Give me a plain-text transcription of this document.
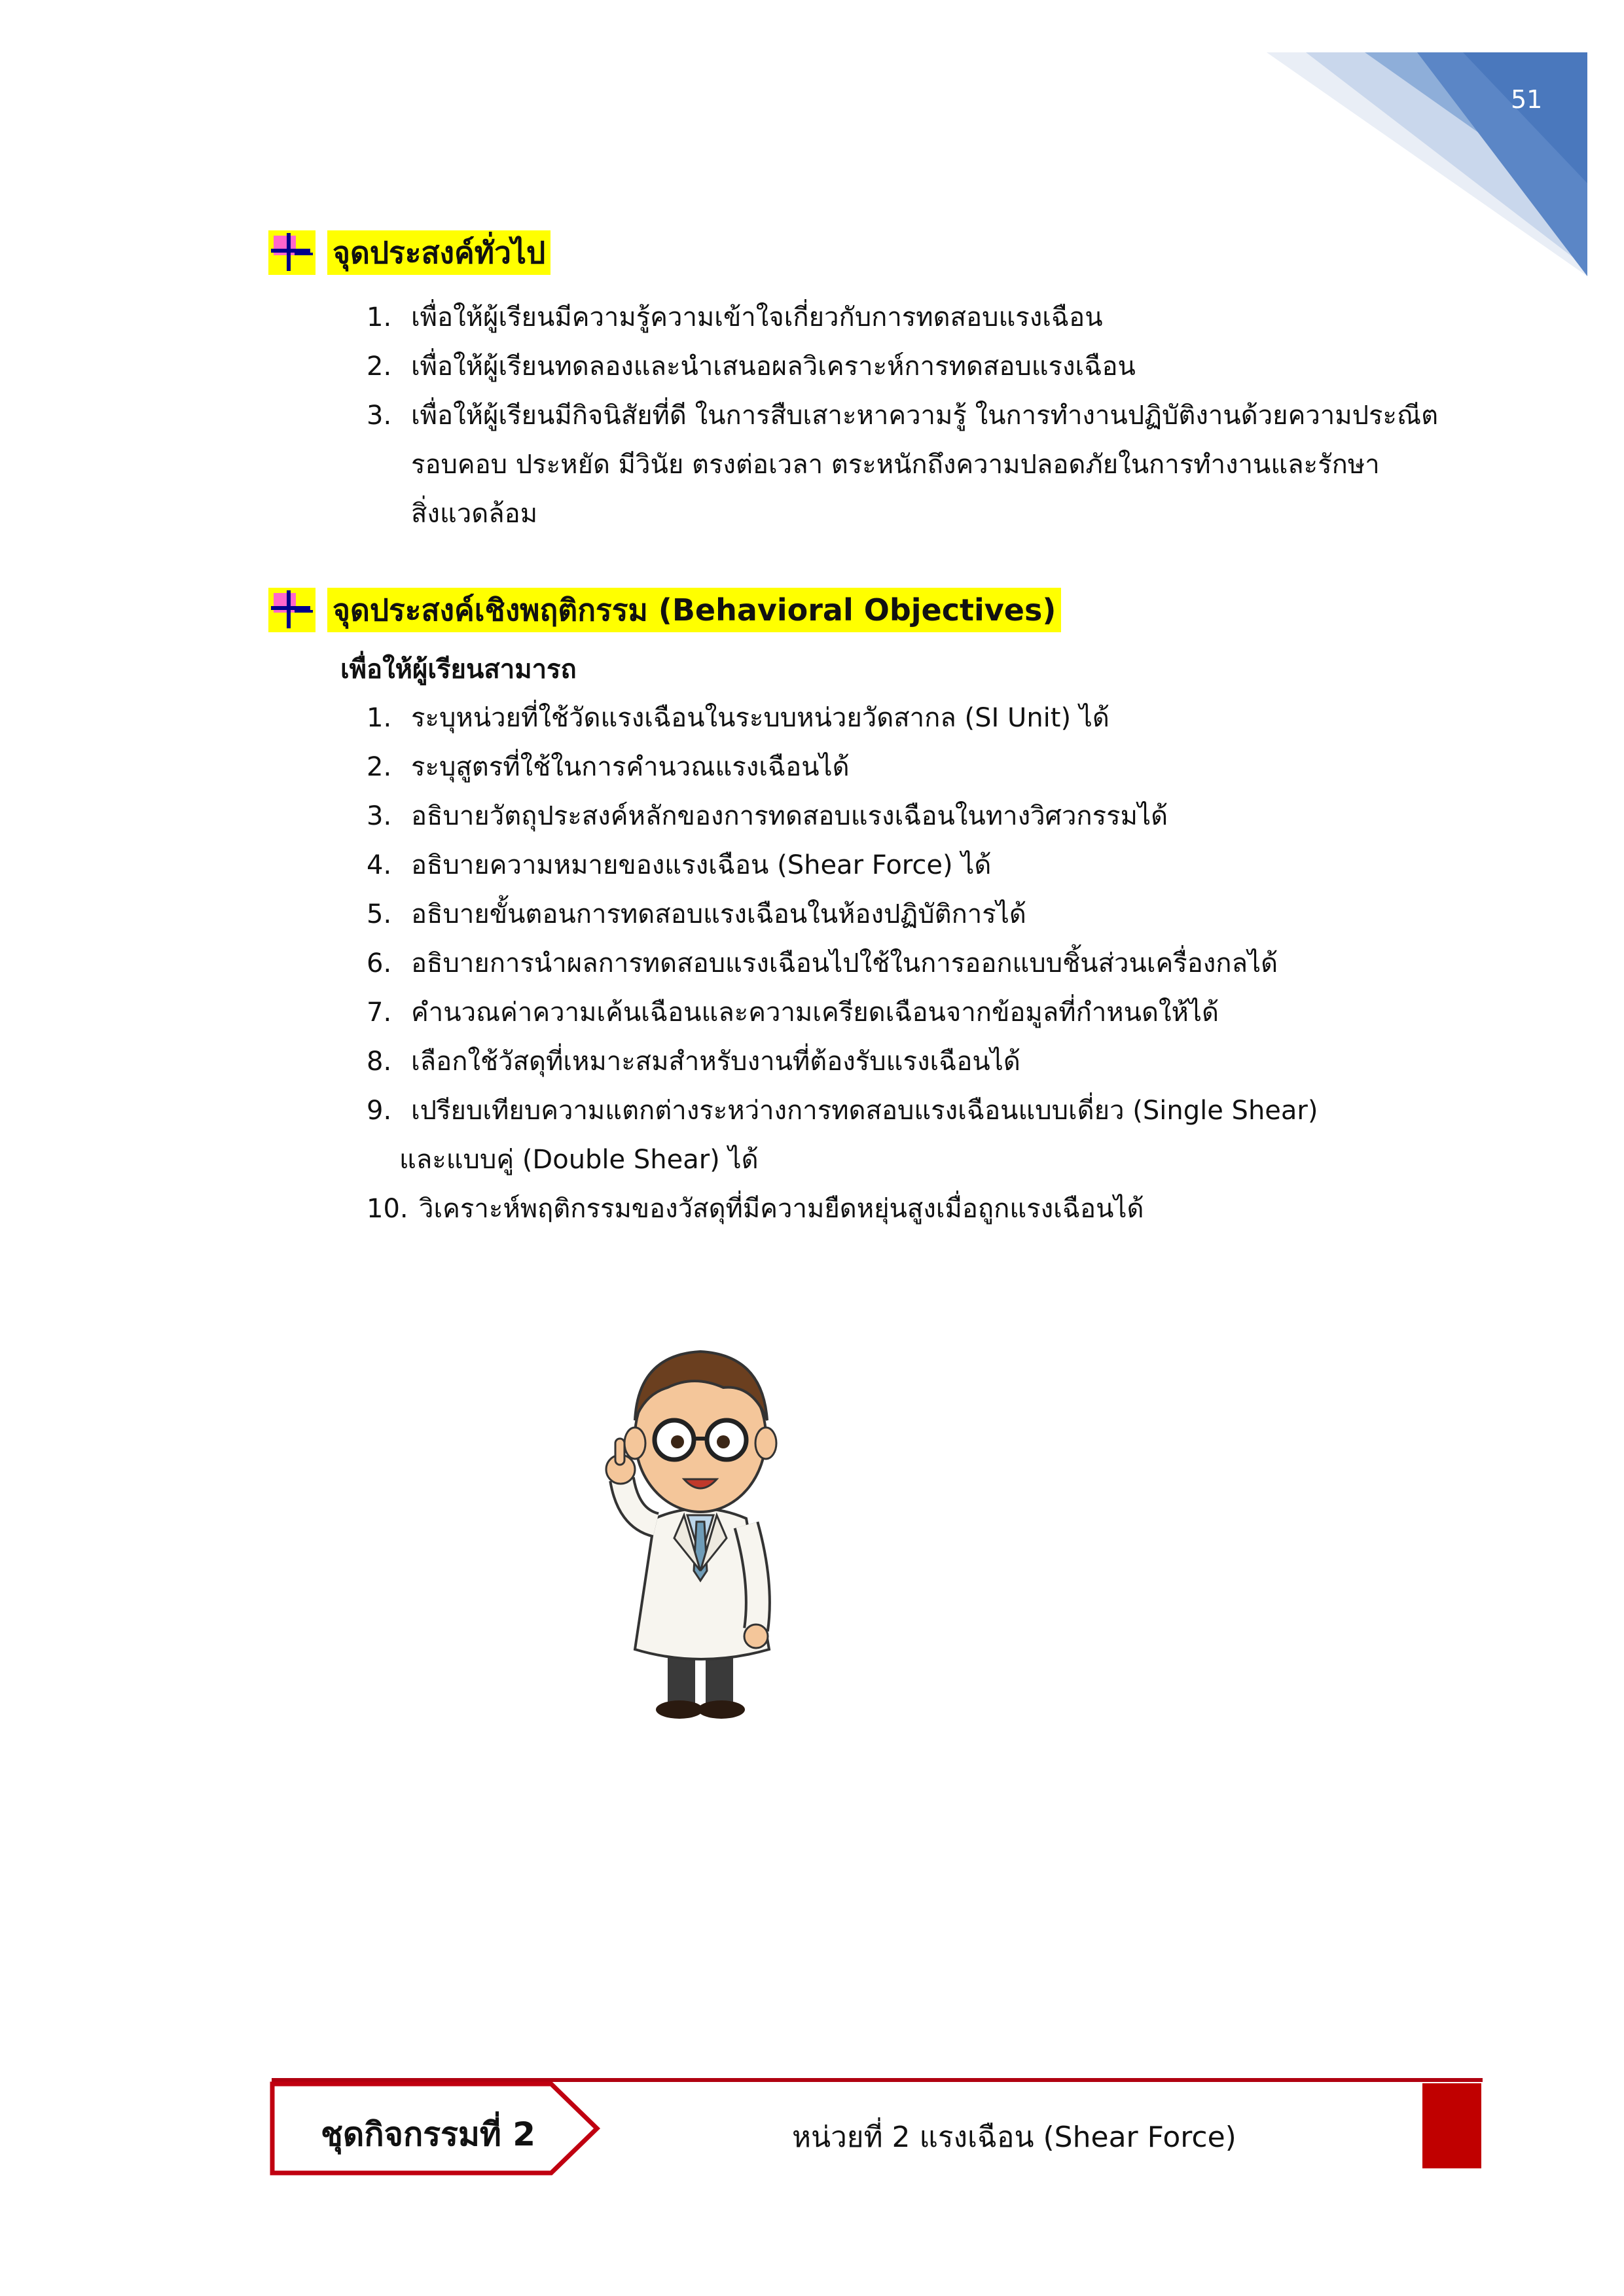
51
จุดประสงค์ทั่วไป
1. เพื่อให้ผู้เรียนมีความรู้ความเข้าใจเกี่ยวกับการทดสอบแรงเฉือน
2. เพื่อให้ผู้เรียนทดลองและนำเสนอผลวิเคราะห์การทดสอบแรงเฉือน
3. เพื่อให้ผู้เรียนมีกิจนิสัยที่ดี ในการสืบเสาะหาความรู้ ในการทำงานปฏิบัติงานด้วยความประณีต
รอบคอบ ประหยัด มีวินัย ตรงต่อเวลา ตระหนักถึงความปลอดภัยในการทำงานและรักษา
สิ่งแวดล้อม
จุดประสงค์เชิงพฤติกรรม (Behavioral Objectives)
เพื่อให้ผู้เรียนสามารถ
1. ระบุหน่วยที่ใช้วัดแรงเฉือนในระบบหน่วยวัดสากล (SI Unit) ได้
2. ระบุสูตรที่ใช้ในการคำนวณแรงเฉือนได้
3. อธิบายวัตถุประสงค์หลักของการทดสอบแรงเฉือนในทางวิศวกรรมได้
4. อธิบายความหมายของแรงเฉือน (Shear Force) ได้
5. อธิบายขั้นตอนการทดสอบแรงเฉือนในห้องปฏิบัติการได้
6. อธิบายการนำผลการทดสอบแรงเฉือนไปใช้ในการออกแบบชิ้นส่วนเครื่องกลได้
7. คำนวณค่าความเค้นเฉือนและความเครียดเฉือนจากข้อมูลที่กำหนดให้ได้
8. เลือกใช้วัสดุที่เหมาะสมสำหรับงานที่ต้องรับแรงเฉือนได้
9. เปรียบเทียบความแตกต่างระหว่างการทดสอบแรงเฉือนแบบเดี่ยว (Single Shear)
และแบบคู่ (Double Shear) ได้
10. วิเคราะห์พฤติกรรมของวัสดุที่มีความยืดหยุ่นสูงเมื่อถูกแรงเฉือนได้
ชุดกิจกรรมที่ 2	หน่วยที่ 2 แรงเฉือน (Shear Force)
